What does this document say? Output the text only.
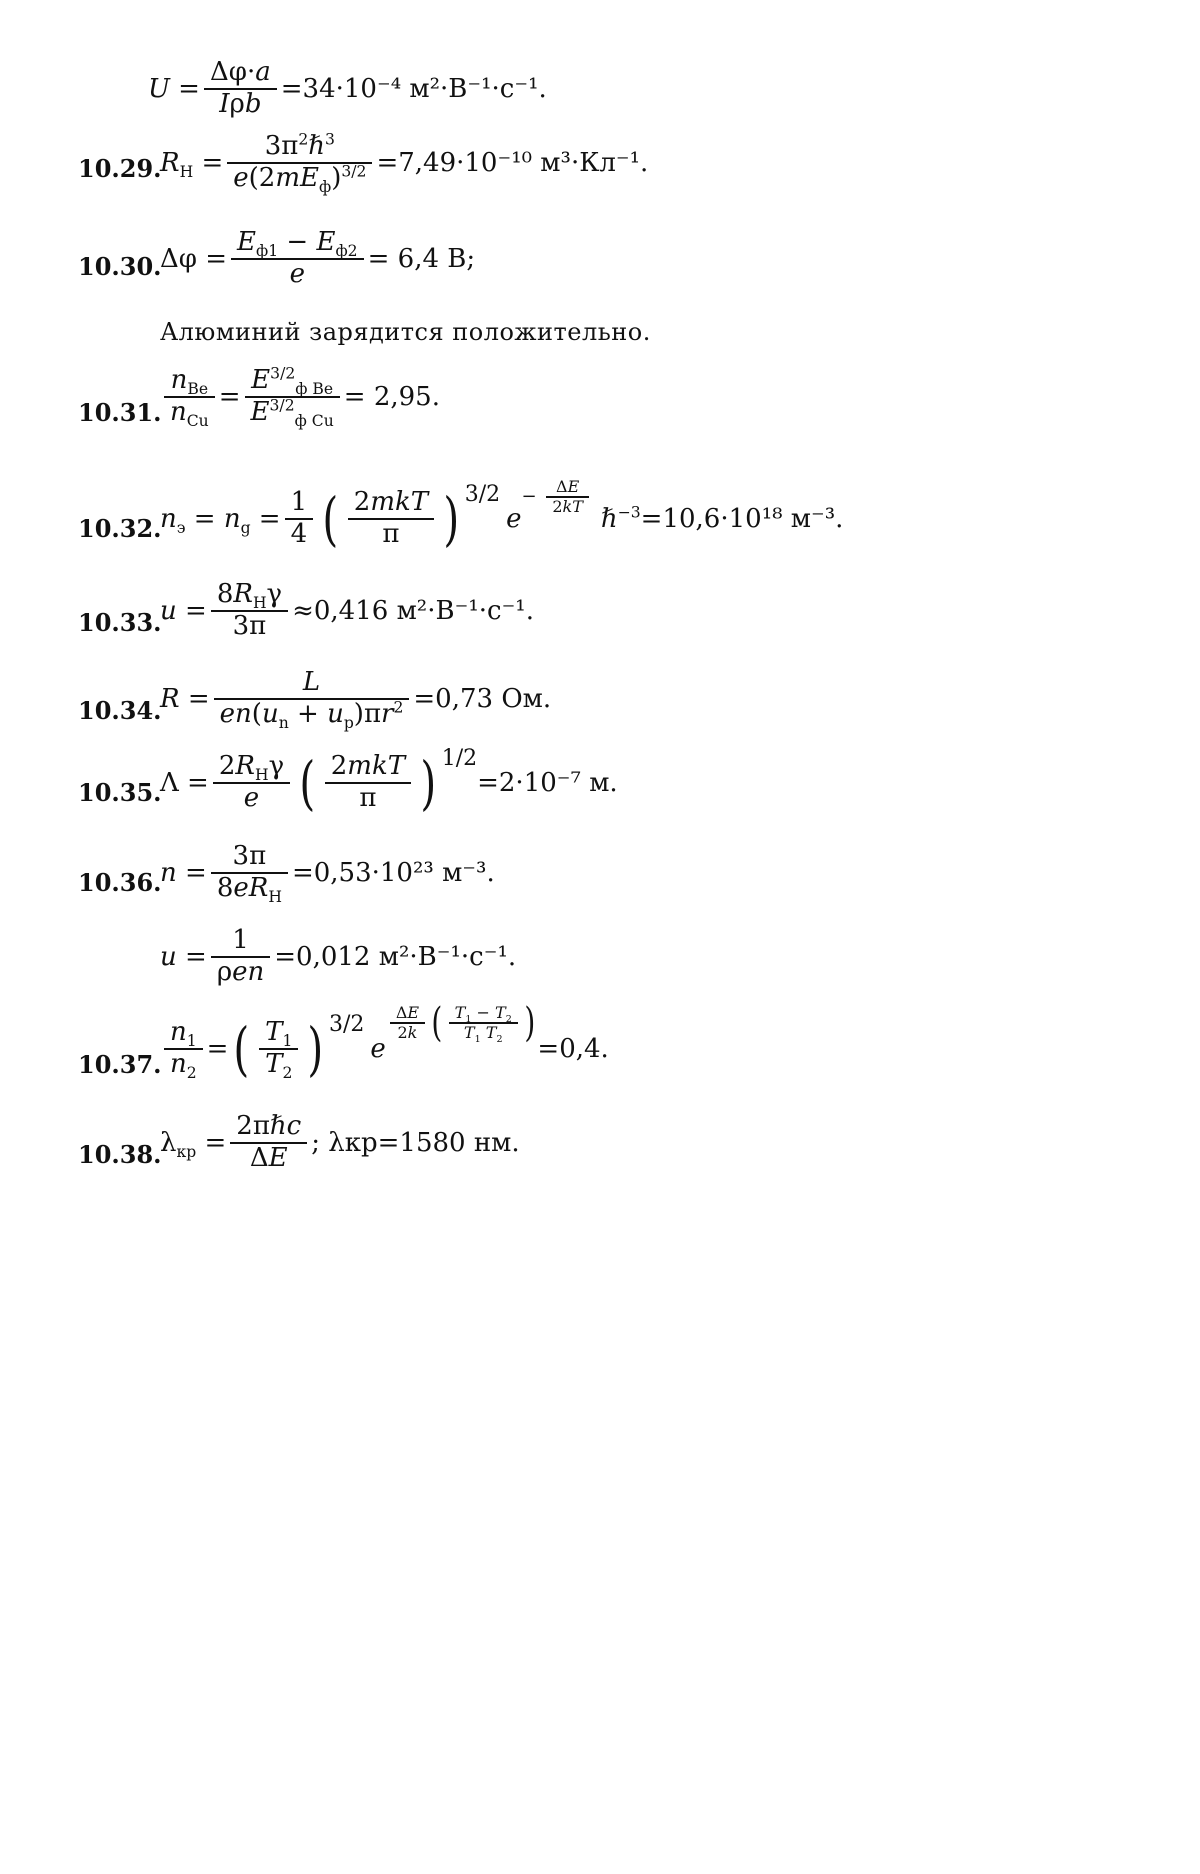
$U = \frac{\Delta\varphi\cdot a}{\text{Iρb}} =34\cdot 10^{-4}$ м²·В⁻¹·с⁻¹.
10.29.
$R_Н = \frac{3\pi^2\hbar^3}{e(2mE_ф)^{3/2}} =7,49\cdot 10^{-10}$ м³·Кл⁻¹.
10.30.
$\Delta\varphi = \frac{E_{ф1} - E_{ф2}}{e} = 6,4$ В;
Алюминий зарядится положительно.
10.31. $\frac{n_{Be}}{n_{Cu}} = \frac{E^{3/2}_{ф Be}}{E^{3/2}_{ф Cu}} = 2,95$.
10.32.
$n_э = n_g = \frac{1}{4}$ ( $\frac{\text{2mkT}}{\pi}$ ) 3/2
e
− $\frac{\Delta E}{2kT}$
ℏ$^{-3}$ =10,6·10¹⁸ м⁻³.
10.33.
$u = \frac{8R_Н\gamma}{3\pi} \approx 0,416$ м²·В⁻¹·с⁻¹.
10.34.
$R = \frac{L}{en(u_n + u_p)\pi r^2} =0,73$ Ом.
10.35.
$\Lambda = \frac{2R_Н\gamma}{e}$ ( $\frac{\text{2mkT}}{\pi}$ ) 1/2
=2·10⁻⁷ м.
10.36.
$n = \frac{3\pi}{8eR_Н} =0,53\cdot 10^{23}$ м⁻³.
$u = \frac{1}{\text{ρen}} =0,012$ м²·В⁻¹·с⁻¹.
10.37. $\frac{n_1}{n_2}$ = ( $\frac{T_1}{T_2}$ ) 3/2
e
$\frac{\Delta E}{2k}$ ( $\frac{T_1 - T_2}{T_1 T_2}$ )
=0,4.
10.38.
$\lambda_{кр} = \frac{\text{2πℏc}}{\Delta E}$ ; λкр=1580 нм.
